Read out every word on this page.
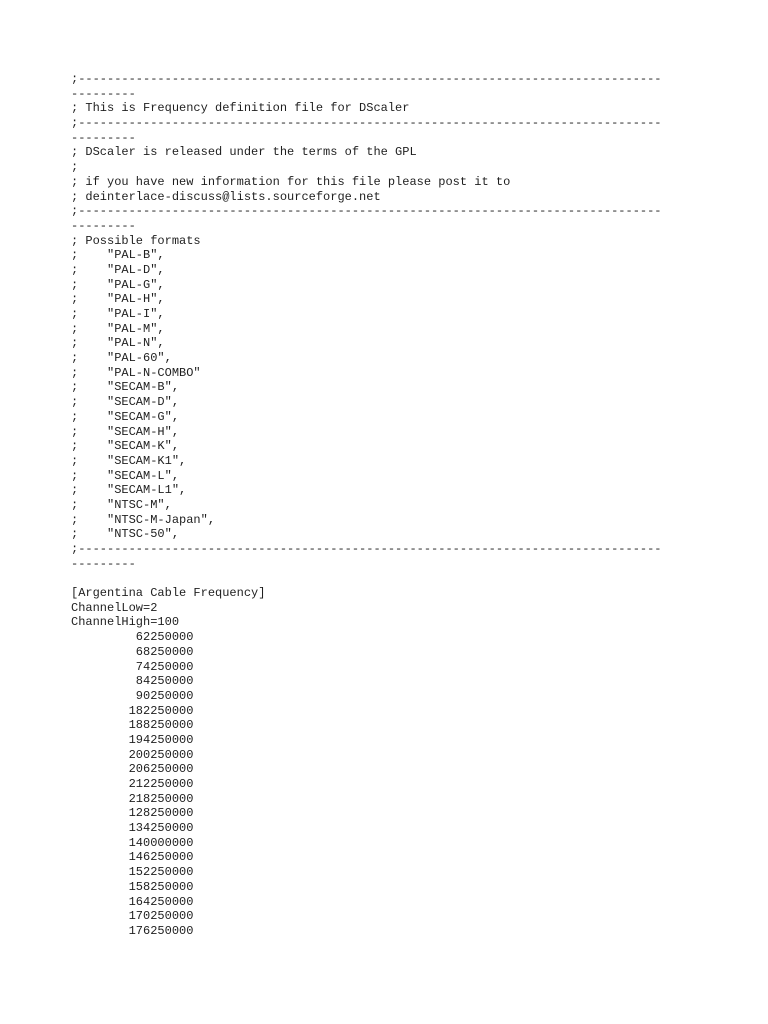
;---------------------------------------------------------------------------------
---------
; This is Frequency definition file for DScaler
;---------------------------------------------------------------------------------
---------
; DScaler is released under the terms of the GPL
;
; if you have new information for this file please post it to
; deinterlace-discuss@lists.sourceforge.net
;---------------------------------------------------------------------------------
---------
; Possible formats
;    "PAL-B",
;    "PAL-D",
;    "PAL-G",
;    "PAL-H",
;    "PAL-I",
;    "PAL-M",
;    "PAL-N",
;    "PAL-60",
;    "PAL-N-COMBO"
;    "SECAM-B",
;    "SECAM-D",
;    "SECAM-G",
;    "SECAM-H",
;    "SECAM-K",
;    "SECAM-K1",
;    "SECAM-L",
;    "SECAM-L1",
;    "NTSC-M",
;    "NTSC-M-Japan",
;    "NTSC-50",
;---------------------------------------------------------------------------------
---------
[Argentina Cable Frequency]
ChannelLow=2
ChannelHigh=100
62250000
68250000
74250000
84250000
90250000
182250000
188250000
194250000
200250000
206250000
212250000
218250000
128250000
134250000
140000000
146250000
152250000
158250000
164250000
170250000
176250000
